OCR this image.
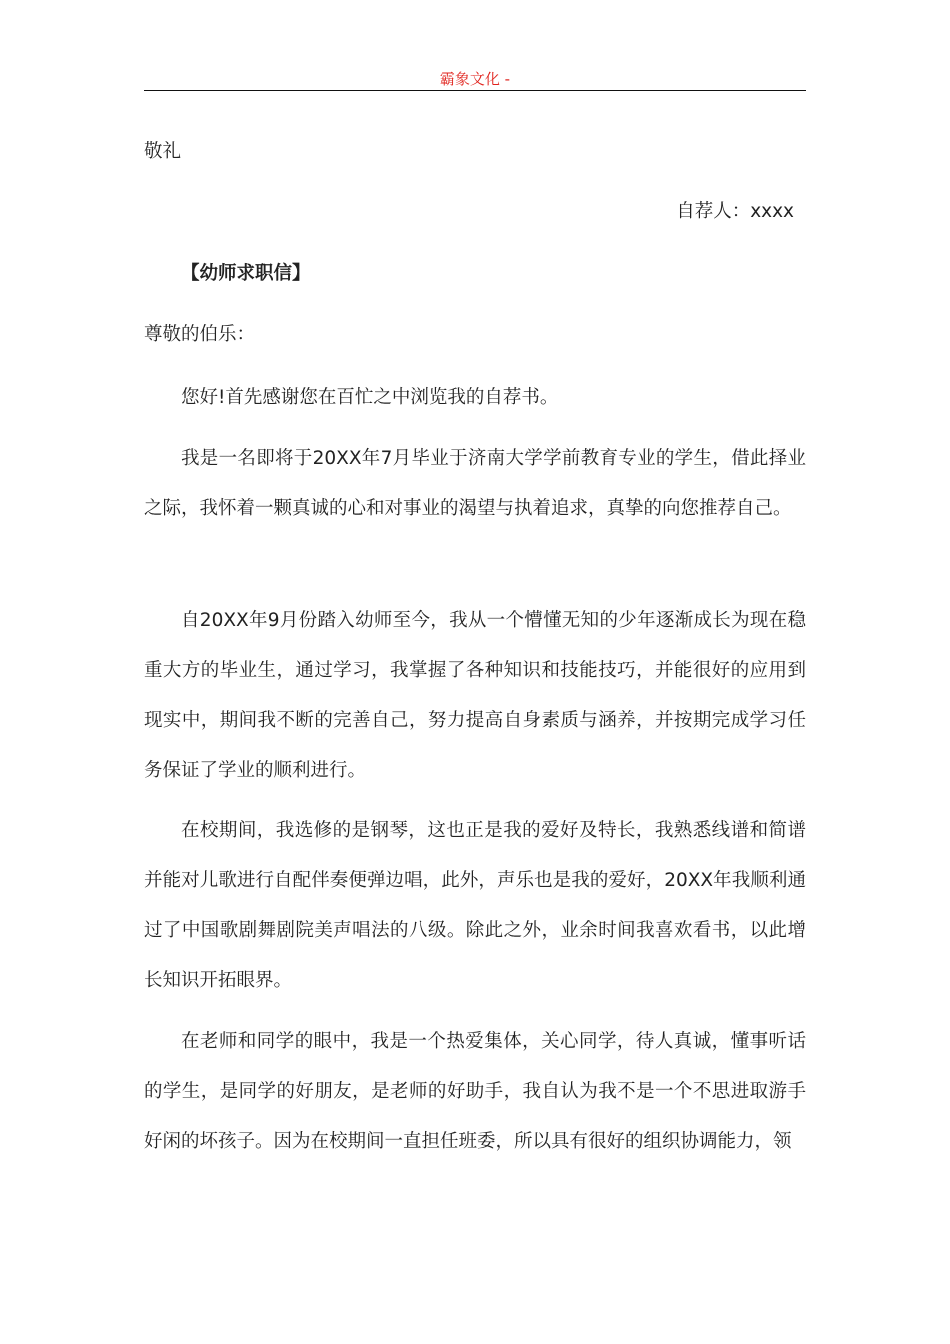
霸象文化 -

敬礼

自荐人：xxxx

【幼师求职信】

尊敬的伯乐：

您好!首先感谢您在百忙之中浏览我的自荐书。

我是一名即将于20XX年7月毕业于济南大学学前教育专业的学生，借此择业之际，我怀着一颗真诚的心和对事业的渴望与执着追求，真挚的向您推荐自己。

自20XX年9月份踏入幼师至今，我从一个懵懂无知的少年逐渐成长为现在稳重大方的毕业生，通过学习，我掌握了各种知识和技能技巧，并能很好的应用到现实中，期间我不断的完善自己，努力提高自身素质与涵养，并按期完成学习任务保证了学业的顺利进行。

在校期间，我选修的是钢琴，这也正是我的爱好及特长，我熟悉线谱和简谱并能对儿歌进行自配伴奏便弹边唱，此外，声乐也是我的爱好，20XX年我顺利通过了中国歌剧舞剧院美声唱法的八级。除此之外，业余时间我喜欢看书，以此增长知识开拓眼界。

在老师和同学的眼中，我是一个热爱集体，关心同学，待人真诚，懂事听话的学生，是同学的好朋友，是老师的好助手，我自认为我不是一个不思进取游手好闲的坏孩子。因为在校期间一直担任班委，所以具有很好的组织协调能力，领
